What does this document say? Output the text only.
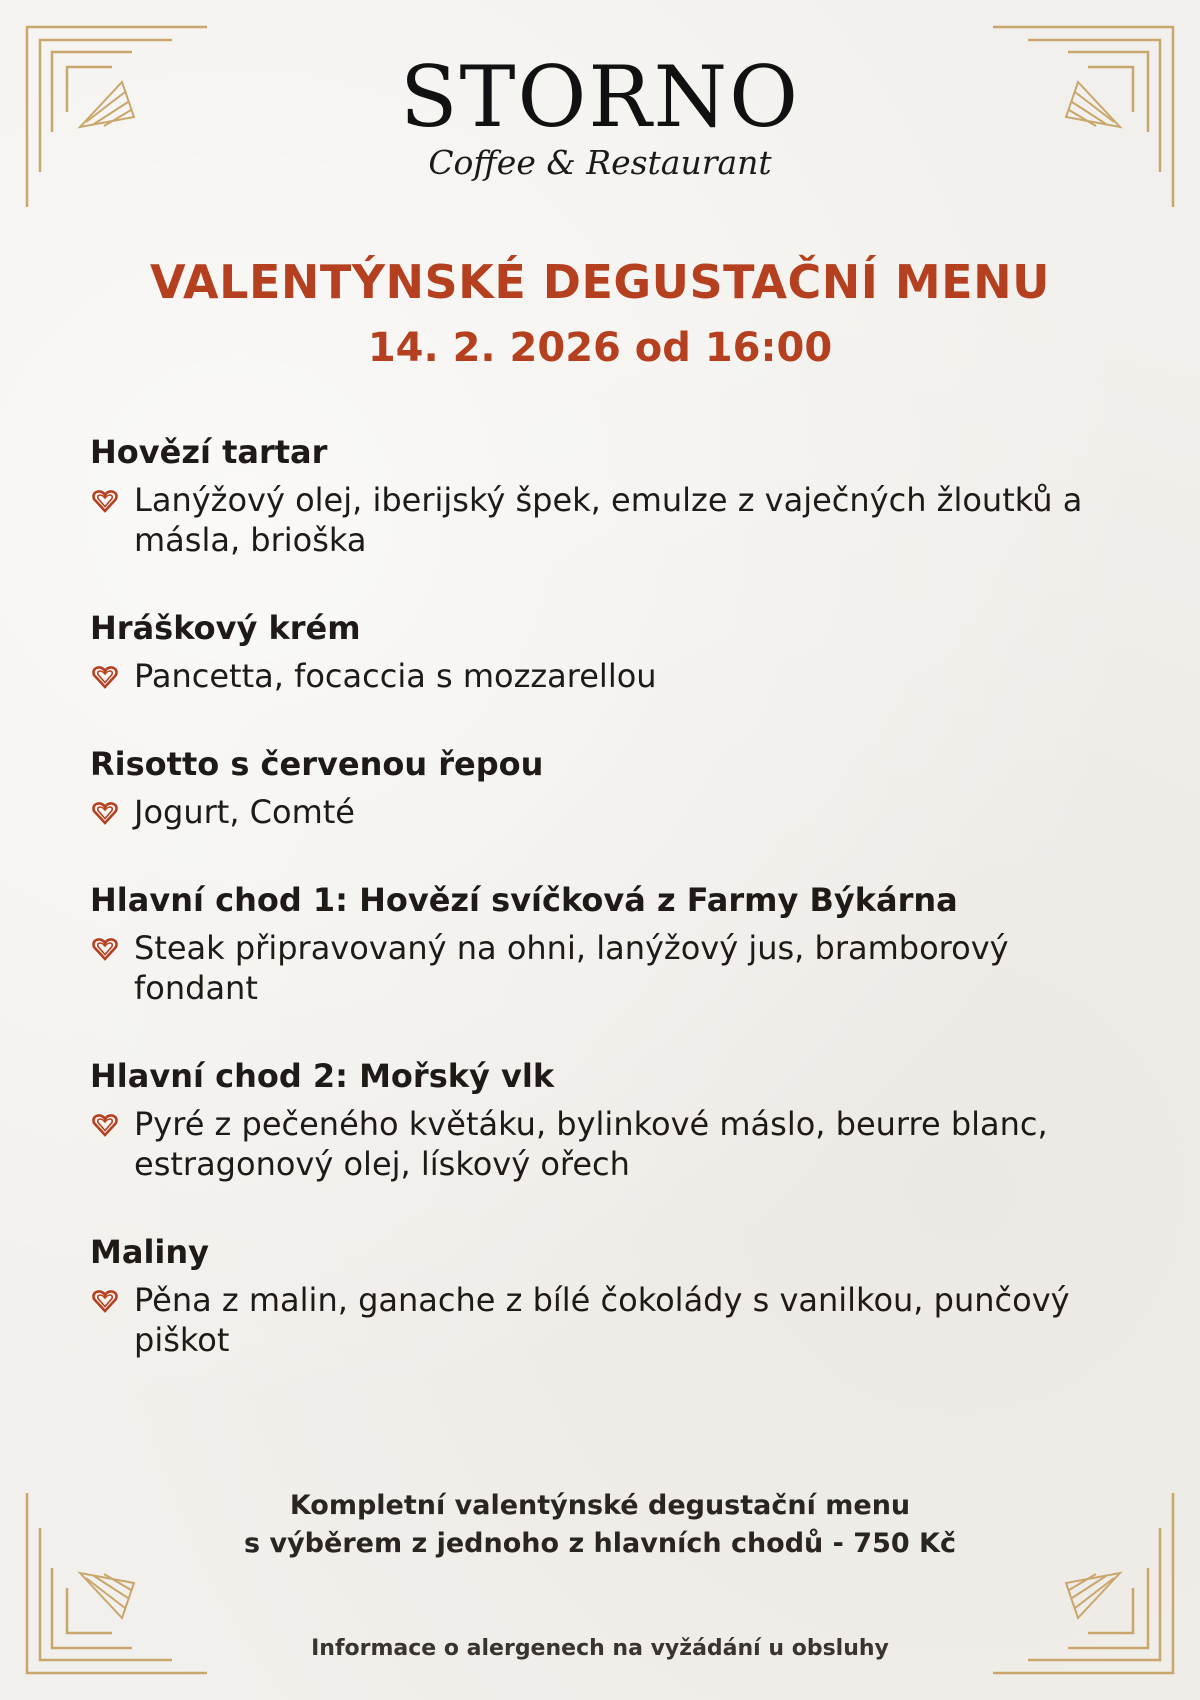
STORNO
Coffee & Restaurant
VALENTÝNSKÉ DEGUSTAČNÍ MENU
14. 2. 2026 od 16:00
Hovězí tartar
Lanýžový olej, iberijský špek, emulze z vaječných žloutků a másla, brioška
Hráškový krém
Pancetta, focaccia s mozzarellou
Risotto s červenou řepou
Jogurt, Comté
Hlavní chod 1: Hovězí svíčková z Farmy Býkárna
Steak připravovaný na ohni, lanýžový jus, bramborový fondant
Hlavní chod 2: Mořský vlk
Pyré z pečeného květáku, bylinkové máslo, beurre blanc, estragonový olej, lískový ořech
Maliny
Pěna z malin, ganache z bílé čokolády s vanilkou, punčový piškot
Kompletní valentýnské degustační menu
s výběrem z jednoho z hlavních chodů - 750 Kč
Informace o alergenech na vyžádání u obsluhy
